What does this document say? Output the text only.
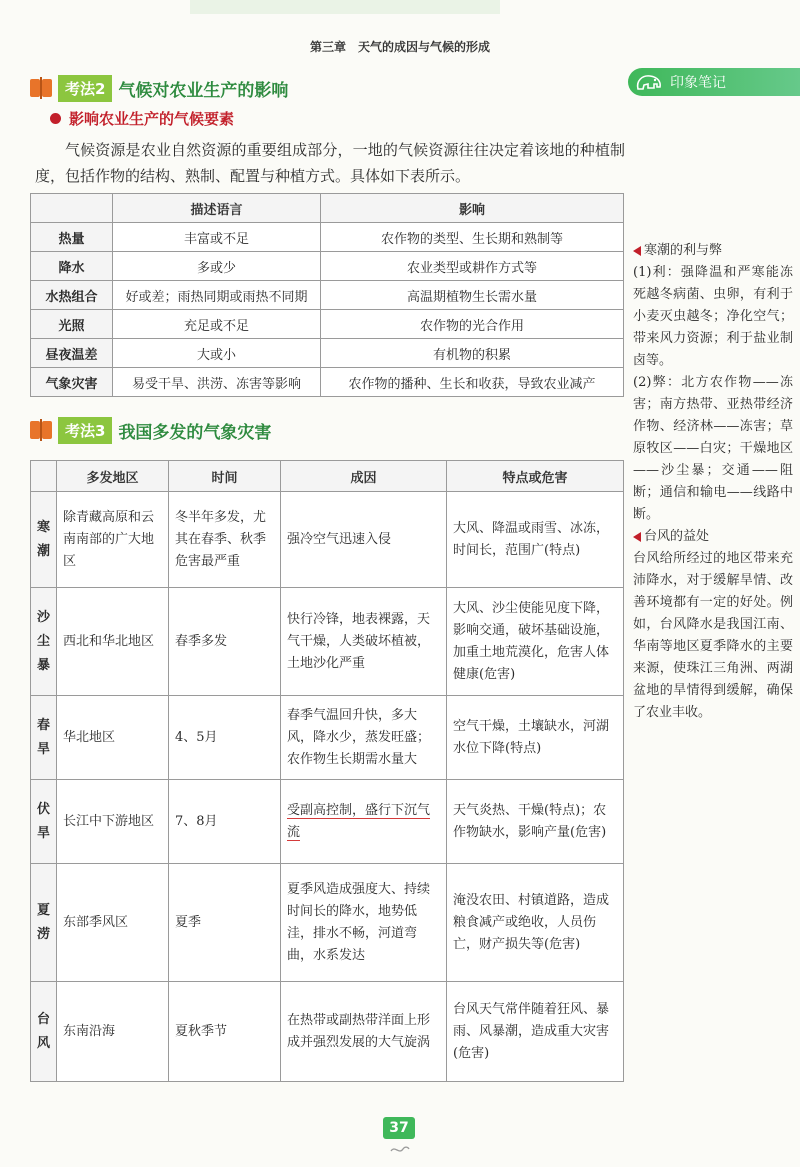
第三章　天气的成因与气候的形成
考法2 气候对农业生产的影响
影响农业生产的气候要素

气候资源是农业自然资源的重要组成部分，一地的气候资源往往决定着该地的种植制度，包括作物的结构、熟制、配置与种植方式。具体如下表所示。

	描述语言	影响
热量	丰富或不足	农作物的类型、生长期和熟制等
降水	多或少	农业类型或耕作方式等
水热组合	好或差；雨热同期或雨热不同期	高温期植物生长需水量
光照	充足或不足	农作物的光合作用
昼夜温差	大或小	有机物的积累
气象灾害	易受干旱、洪涝、冻害等影响	农作物的播种、生长和收获，导致农业减产
考法3 我国多发的气象灾害
	多发地区	时间	成因	特点或危害
寒潮	除青藏高原和云南南部的广大地区	冬半年多发，尤其在春季、秋季危害最严重	强冷空气迅速入侵	大风、降温或雨雪、冰冻，时间长，范围广(特点)
沙尘暴	西北和华北地区	春季多发	快行冷锋，地表裸露，天气干燥，人类破坏植被，土地沙化严重	大风、沙尘使能见度下降，影响交通，破坏基础设施，加重土地荒漠化，危害人体健康(危害)
春旱	华北地区	4、5月	春季气温回升快，多大风，降水少，蒸发旺盛；农作物生长期需水量大	空气干燥，土壤缺水，河湖水位下降(特点)
伏旱	长江中下游地区	7、8月	受副高控制，盛行下沉气流	天气炎热、干燥(特点)；农作物缺水，影响产量(危害)
夏涝	东部季风区	夏季	夏季风造成强度大、持续时间长的降水，地势低洼，排水不畅，河道弯曲，水系发达	淹没农田、村镇道路，造成粮食减产或绝收，人员伤亡，财产损失等(危害)
台风	东南沿海	夏秋季节	在热带或副热带洋面上形成并强烈发展的大气旋涡	台风天气常伴随着狂风、暴雨、风暴潮，造成重大灾害(危害)
印象笔记
寒潮的利与弊

(1)利：强降温和严寒能冻死越冬病菌、虫卵，有利于小麦灭虫越冬；净化空气；带来风力资源；利于盐业制卤等。

(2)弊：北方农作物——冻害；南方热带、亚热带经济作物、经济林——冻害；草原牧区——白灾；干燥地区——沙尘暴；交通——阻断；通信和输电——线路中断。

台风的益处

台风给所经过的地区带来充沛降水，对于缓解旱情、改善环境都有一定的好处。例如，台风降水是我国江南、华南等地区夏季降水的主要来源，使珠江三角洲、两湖盆地的旱情得到缓解，确保了农业丰收。

37
